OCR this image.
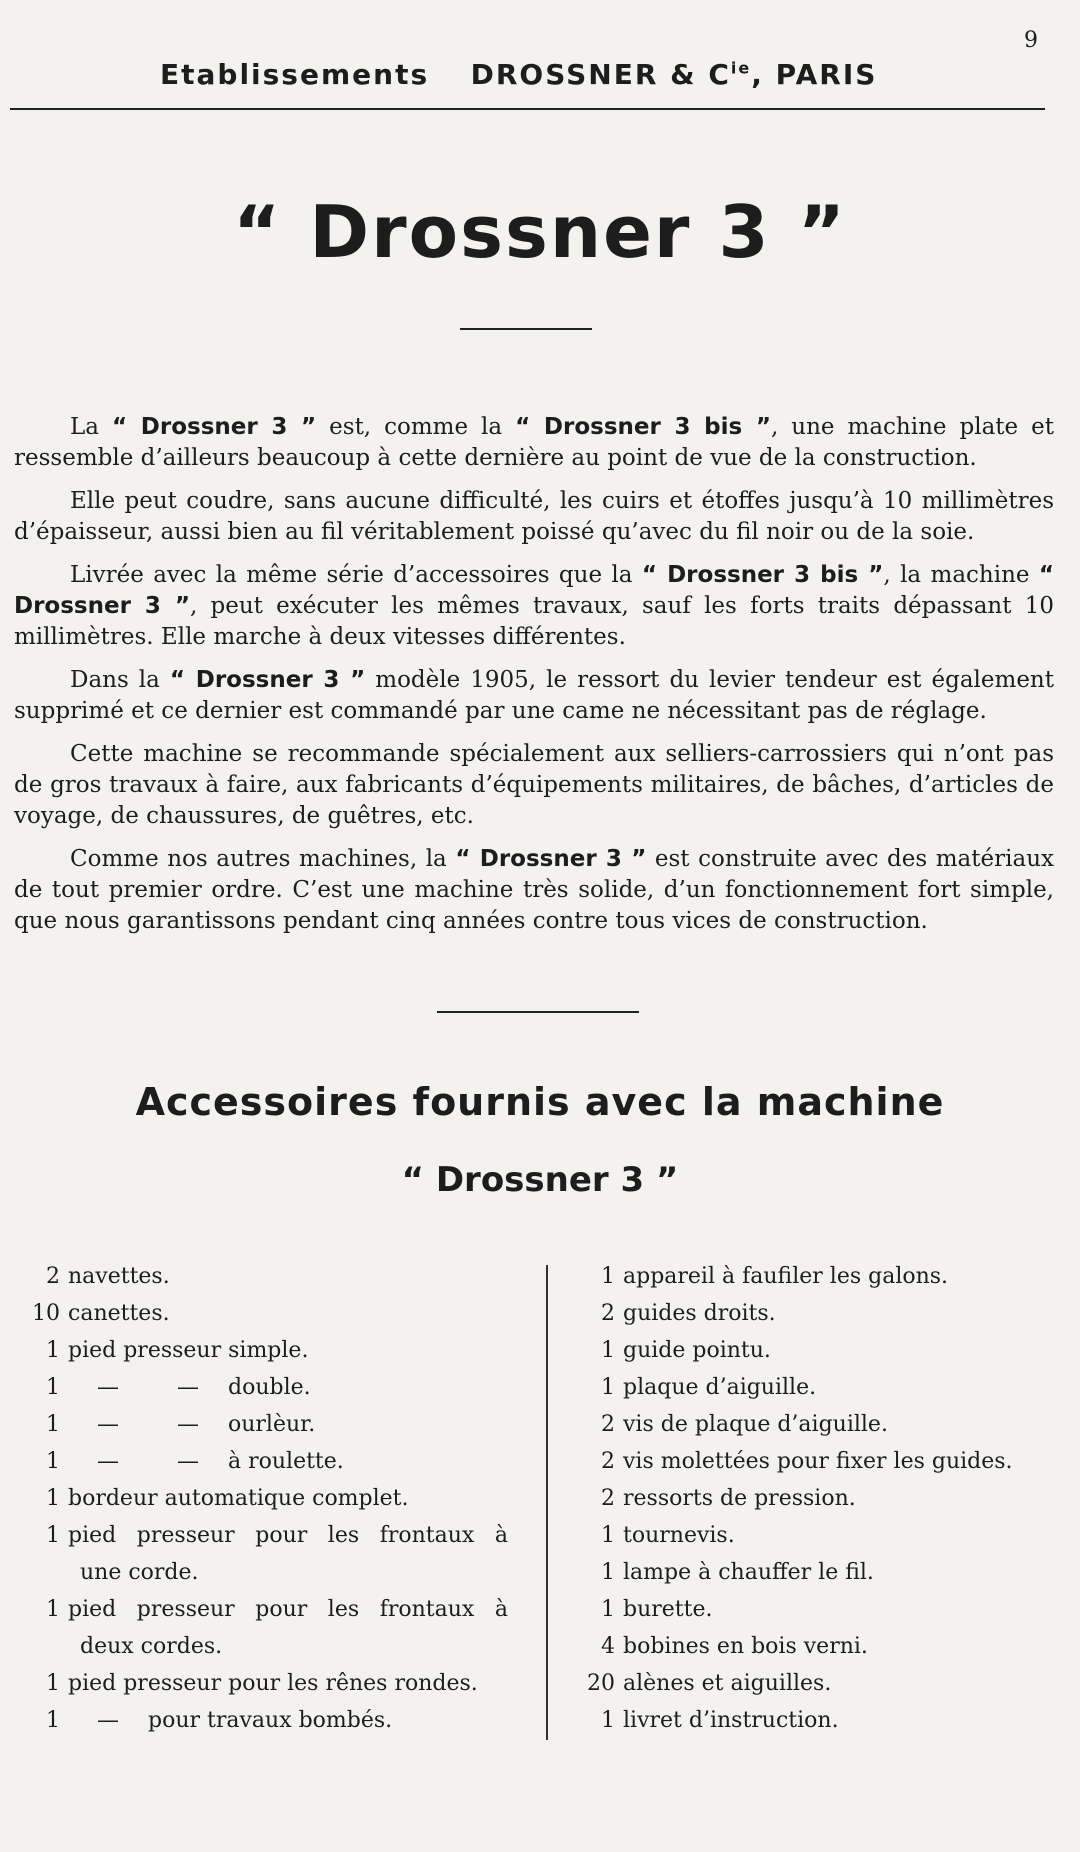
9
Etablissements DROSSNER & $C^{ie}$, PARIS
“ Drossner 3 ”

La “ Drossner 3 ” est, comme la “ Drossner 3 bis ”, une machine plate et ressemble d’ailleurs beaucoup à cette dernière au point de vue de la construction.

Elle peut coudre, sans aucune difficulté, les cuirs et étoffes jusqu’à 10 millimètres d’épaisseur, aussi bien au fil véritablement poissé qu’avec du fil noir ou de la soie.

Livrée avec la même série d’accessoires que la “ Drossner 3 bis ”, la machine “ Drossner 3 ”, peut exécuter les mêmes travaux, sauf les forts traits dépassant 10 millimètres. Elle marche à deux vitesses différentes.

Dans la “ Drossner 3 ” modèle 1905, le ressort du levier tendeur est également supprimé et ce dernier est commandé par une came ne nécessitant pas de réglage.

Cette machine se recommande spécialement aux selliers-carrossiers qui n’ont pas de gros travaux à faire, aux fabricants d’équipements militaires, de bâches, d’articles de voyage, de chaussures, de guêtres, etc.

Comme nos autres machines, la “ Drossner 3 ” est construite avec des matériaux de tout premier ordre. C’est une machine très solide, d’un fonctionnement fort simple, que nous garantissons pendant cinq années contre tous vices de construction.

Accessoires fournis avec la machine
“ Drossner 3 ”
2 navettes.
10 canettes.
1 pied presseur simple.
1	—	—	double.
1	—	—	ourlèur.
1	—	—	à roulette.
1 bordeur automatique complet.
1 pied presseur pour les frontaux à
une corde.
1 pied presseur pour les frontaux à
deux cordes.
1 pied presseur pour les rênes rondes.
1	—	pour travaux bombés.
1 appareil à faufiler les galons.
2 guides droits.
1 guide pointu.
1 plaque d’aiguille.
2 vis de plaque d’aiguille.
2 vis molettées pour fixer les guides.
2 ressorts de pression.
1 tournevis.
1 lampe à chauffer le fil.
1 burette.
4 bobines en bois verni.
20 alènes et aiguilles.
1 livret d’instruction.
